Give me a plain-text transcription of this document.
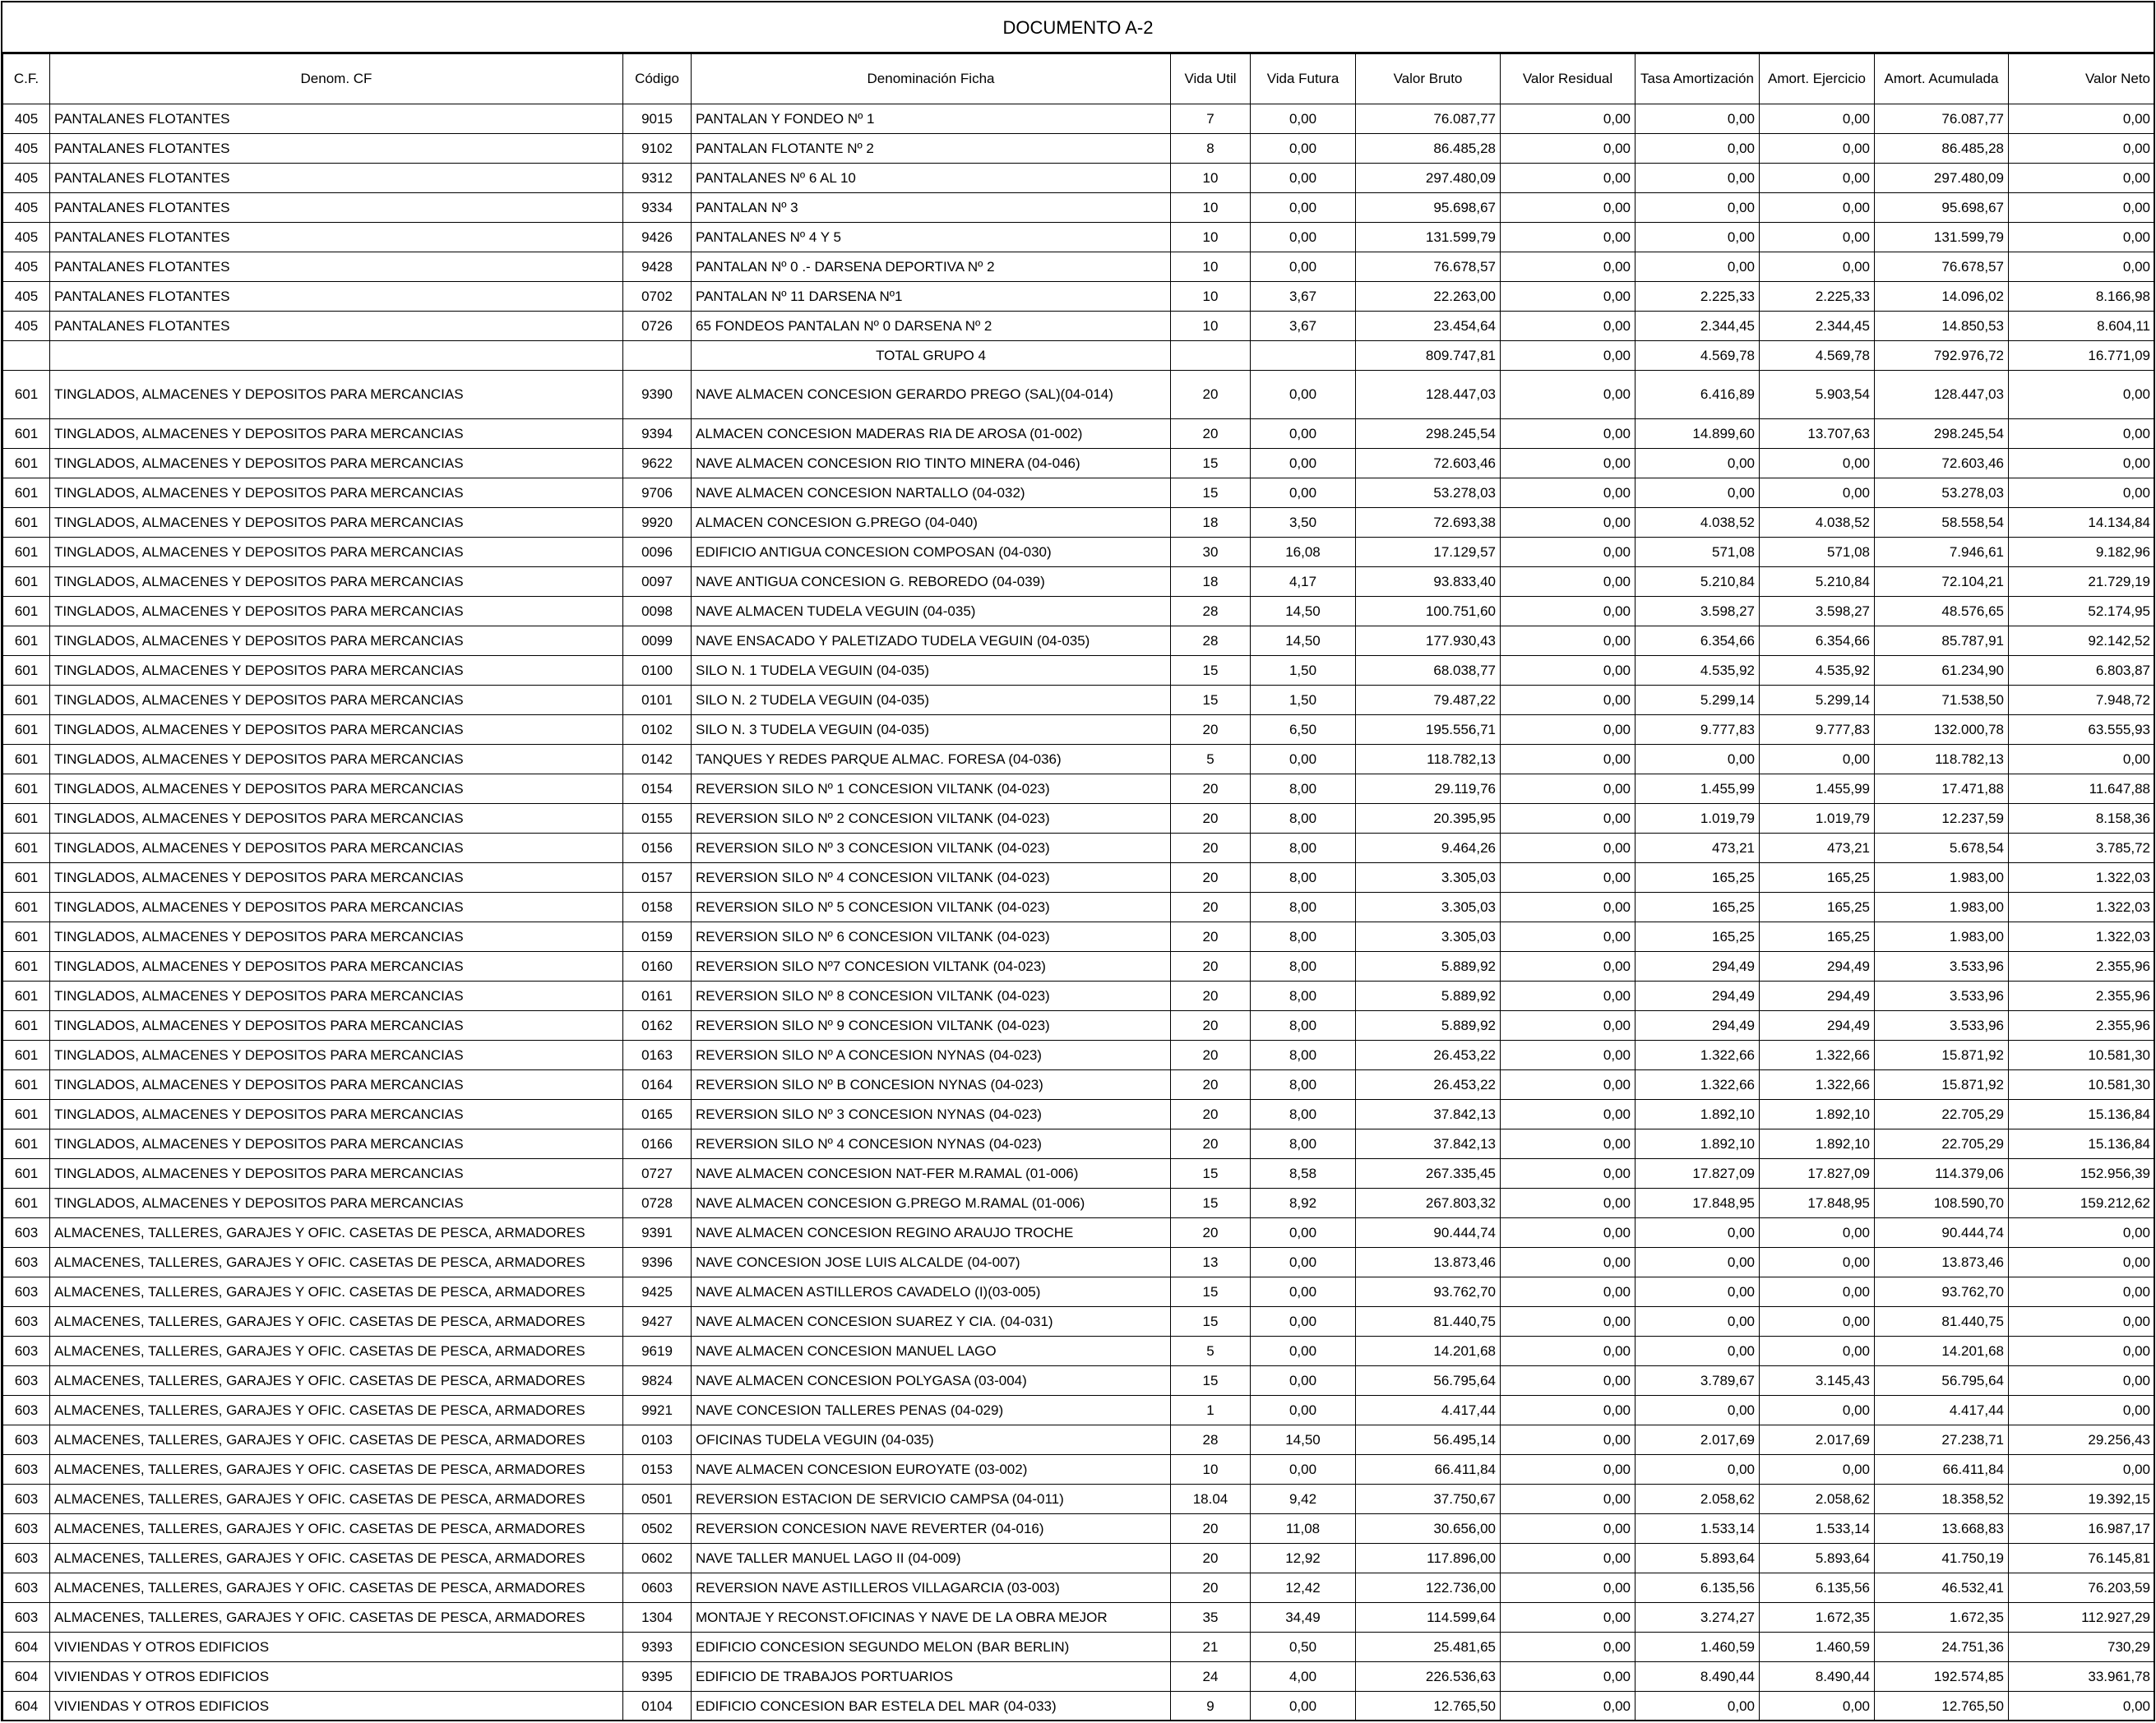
DOCUMENTO A-2
C.F.	Denom. CF	Código	Denominación Ficha	Vida Util	Vida Futura	Valor Bruto	Valor Residual	Tasa Amortización	Amort. Ejercicio	Amort. Acumulada	Valor Neto
405	PANTALANES FLOTANTES	9015	PANTALAN Y FONDEO Nº 1	7	0,00	76.087,77	0,00	0,00	0,00	76.087,77	0,00
405	PANTALANES FLOTANTES	9102	PANTALAN FLOTANTE Nº 2	8	0,00	86.485,28	0,00	0,00	0,00	86.485,28	0,00
405	PANTALANES FLOTANTES	9312	PANTALANES Nº 6 AL 10	10	0,00	297.480,09	0,00	0,00	0,00	297.480,09	0,00
405	PANTALANES FLOTANTES	9334	PANTALAN Nº 3	10	0,00	95.698,67	0,00	0,00	0,00	95.698,67	0,00
405	PANTALANES FLOTANTES	9426	PANTALANES Nº 4 Y 5	10	0,00	131.599,79	0,00	0,00	0,00	131.599,79	0,00
405	PANTALANES FLOTANTES	9428	PANTALAN Nº 0 .- DARSENA DEPORTIVA Nº 2	10	0,00	76.678,57	0,00	0,00	0,00	76.678,57	0,00
405	PANTALANES FLOTANTES	0702	PANTALAN Nº 11 DARSENA Nº1	10	3,67	22.263,00	0,00	2.225,33	2.225,33	14.096,02	8.166,98
405	PANTALANES FLOTANTES	0726	65 FONDEOS PANTALAN Nº 0 DARSENA Nº 2	10	3,67	23.454,64	0,00	2.344,45	2.344,45	14.850,53	8.604,11
			TOTAL GRUPO 4			809.747,81	0,00	4.569,78	4.569,78	792.976,72	16.771,09
601	TINGLADOS, ALMACENES Y DEPOSITOS PARA MERCANCIAS	9390	NAVE ALMACEN CONCESION GERARDO PREGO (SAL)(04-014)	20	0,00	128.447,03	0,00	6.416,89	5.903,54	128.447,03	0,00
601	TINGLADOS, ALMACENES Y DEPOSITOS PARA MERCANCIAS	9394	ALMACEN CONCESION MADERAS RIA DE AROSA (01-002)	20	0,00	298.245,54	0,00	14.899,60	13.707,63	298.245,54	0,00
601	TINGLADOS, ALMACENES Y DEPOSITOS PARA MERCANCIAS	9622	NAVE ALMACEN CONCESION RIO TINTO MINERA (04-046)	15	0,00	72.603,46	0,00	0,00	0,00	72.603,46	0,00
601	TINGLADOS, ALMACENES Y DEPOSITOS PARA MERCANCIAS	9706	NAVE ALMACEN CONCESION NARTALLO (04-032)	15	0,00	53.278,03	0,00	0,00	0,00	53.278,03	0,00
601	TINGLADOS, ALMACENES Y DEPOSITOS PARA MERCANCIAS	9920	ALMACEN CONCESION G.PREGO (04-040)	18	3,50	72.693,38	0,00	4.038,52	4.038,52	58.558,54	14.134,84
601	TINGLADOS, ALMACENES Y DEPOSITOS PARA MERCANCIAS	0096	EDIFICIO ANTIGUA CONCESION COMPOSAN (04-030)	30	16,08	17.129,57	0,00	571,08	571,08	7.946,61	9.182,96
601	TINGLADOS, ALMACENES Y DEPOSITOS PARA MERCANCIAS	0097	NAVE ANTIGUA CONCESION G. REBOREDO (04-039)	18	4,17	93.833,40	0,00	5.210,84	5.210,84	72.104,21	21.729,19
601	TINGLADOS, ALMACENES Y DEPOSITOS PARA MERCANCIAS	0098	NAVE ALMACEN TUDELA VEGUIN (04-035)	28	14,50	100.751,60	0,00	3.598,27	3.598,27	48.576,65	52.174,95
601	TINGLADOS, ALMACENES Y DEPOSITOS PARA MERCANCIAS	0099	NAVE ENSACADO Y PALETIZADO TUDELA VEGUIN (04-035)	28	14,50	177.930,43	0,00	6.354,66	6.354,66	85.787,91	92.142,52
601	TINGLADOS, ALMACENES Y DEPOSITOS PARA MERCANCIAS	0100	SILO N. 1 TUDELA VEGUIN (04-035)	15	1,50	68.038,77	0,00	4.535,92	4.535,92	61.234,90	6.803,87
601	TINGLADOS, ALMACENES Y DEPOSITOS PARA MERCANCIAS	0101	SILO N. 2 TUDELA VEGUIN (04-035)	15	1,50	79.487,22	0,00	5.299,14	5.299,14	71.538,50	7.948,72
601	TINGLADOS, ALMACENES Y DEPOSITOS PARA MERCANCIAS	0102	SILO N. 3 TUDELA VEGUIN (04-035)	20	6,50	195.556,71	0,00	9.777,83	9.777,83	132.000,78	63.555,93
601	TINGLADOS, ALMACENES Y DEPOSITOS PARA MERCANCIAS	0142	TANQUES Y REDES PARQUE ALMAC. FORESA (04-036)	5	0,00	118.782,13	0,00	0,00	0,00	118.782,13	0,00
601	TINGLADOS, ALMACENES Y DEPOSITOS PARA MERCANCIAS	0154	REVERSION SILO Nº 1 CONCESION VILTANK (04-023)	20	8,00	29.119,76	0,00	1.455,99	1.455,99	17.471,88	11.647,88
601	TINGLADOS, ALMACENES Y DEPOSITOS PARA MERCANCIAS	0155	REVERSION SILO Nº 2 CONCESION VILTANK (04-023)	20	8,00	20.395,95	0,00	1.019,79	1.019,79	12.237,59	8.158,36
601	TINGLADOS, ALMACENES Y DEPOSITOS PARA MERCANCIAS	0156	REVERSION SILO Nº 3 CONCESION VILTANK (04-023)	20	8,00	9.464,26	0,00	473,21	473,21	5.678,54	3.785,72
601	TINGLADOS, ALMACENES Y DEPOSITOS PARA MERCANCIAS	0157	REVERSION SILO Nº 4 CONCESION VILTANK (04-023)	20	8,00	3.305,03	0,00	165,25	165,25	1.983,00	1.322,03
601	TINGLADOS, ALMACENES Y DEPOSITOS PARA MERCANCIAS	0158	REVERSION SILO Nº 5 CONCESION VILTANK (04-023)	20	8,00	3.305,03	0,00	165,25	165,25	1.983,00	1.322,03
601	TINGLADOS, ALMACENES Y DEPOSITOS PARA MERCANCIAS	0159	REVERSION SILO Nº 6 CONCESION VILTANK (04-023)	20	8,00	3.305,03	0,00	165,25	165,25	1.983,00	1.322,03
601	TINGLADOS, ALMACENES Y DEPOSITOS PARA MERCANCIAS	0160	REVERSION SILO Nº7 CONCESION VILTANK (04-023)	20	8,00	5.889,92	0,00	294,49	294,49	3.533,96	2.355,96
601	TINGLADOS, ALMACENES Y DEPOSITOS PARA MERCANCIAS	0161	REVERSION SILO Nº 8 CONCESION VILTANK (04-023)	20	8,00	5.889,92	0,00	294,49	294,49	3.533,96	2.355,96
601	TINGLADOS, ALMACENES Y DEPOSITOS PARA MERCANCIAS	0162	REVERSION SILO Nº 9 CONCESION VILTANK (04-023)	20	8,00	5.889,92	0,00	294,49	294,49	3.533,96	2.355,96
601	TINGLADOS, ALMACENES Y DEPOSITOS PARA MERCANCIAS	0163	REVERSION SILO Nº A CONCESION NYNAS (04-023)	20	8,00	26.453,22	0,00	1.322,66	1.322,66	15.871,92	10.581,30
601	TINGLADOS, ALMACENES Y DEPOSITOS PARA MERCANCIAS	0164	REVERSION SILO Nº B CONCESION NYNAS (04-023)	20	8,00	26.453,22	0,00	1.322,66	1.322,66	15.871,92	10.581,30
601	TINGLADOS, ALMACENES Y DEPOSITOS PARA MERCANCIAS	0165	REVERSION SILO Nº 3 CONCESION NYNAS (04-023)	20	8,00	37.842,13	0,00	1.892,10	1.892,10	22.705,29	15.136,84
601	TINGLADOS, ALMACENES Y DEPOSITOS PARA MERCANCIAS	0166	REVERSION SILO Nº 4 CONCESION NYNAS (04-023)	20	8,00	37.842,13	0,00	1.892,10	1.892,10	22.705,29	15.136,84
601	TINGLADOS, ALMACENES Y DEPOSITOS PARA MERCANCIAS	0727	NAVE ALMACEN CONCESION NAT-FER M.RAMAL (01-006)	15	8,58	267.335,45	0,00	17.827,09	17.827,09	114.379,06	152.956,39
601	TINGLADOS, ALMACENES Y DEPOSITOS PARA MERCANCIAS	0728	NAVE ALMACEN CONCESION G.PREGO M.RAMAL (01-006)	15	8,92	267.803,32	0,00	17.848,95	17.848,95	108.590,70	159.212,62
603	ALMACENES, TALLERES, GARAJES Y OFIC. CASETAS DE PESCA, ARMADORES	9391	NAVE ALMACEN CONCESION REGINO ARAUJO TROCHE	20	0,00	90.444,74	0,00	0,00	0,00	90.444,74	0,00
603	ALMACENES, TALLERES, GARAJES Y OFIC. CASETAS DE PESCA, ARMADORES	9396	NAVE CONCESION JOSE LUIS ALCALDE (04-007)	13	0,00	13.873,46	0,00	0,00	0,00	13.873,46	0,00
603	ALMACENES, TALLERES, GARAJES Y OFIC. CASETAS DE PESCA, ARMADORES	9425	NAVE ALMACEN ASTILLEROS CAVADELO (I)(03-005)	15	0,00	93.762,70	0,00	0,00	0,00	93.762,70	0,00
603	ALMACENES, TALLERES, GARAJES Y OFIC. CASETAS DE PESCA, ARMADORES	9427	NAVE ALMACEN CONCESION SUAREZ Y CIA. (04-031)	15	0,00	81.440,75	0,00	0,00	0,00	81.440,75	0,00
603	ALMACENES, TALLERES, GARAJES Y OFIC. CASETAS DE PESCA, ARMADORES	9619	NAVE ALMACEN CONCESION MANUEL LAGO	5	0,00	14.201,68	0,00	0,00	0,00	14.201,68	0,00
603	ALMACENES, TALLERES, GARAJES Y OFIC. CASETAS DE PESCA, ARMADORES	9824	NAVE ALMACEN CONCESION POLYGASA (03-004)	15	0,00	56.795,64	0,00	3.789,67	3.145,43	56.795,64	0,00
603	ALMACENES, TALLERES, GARAJES Y OFIC. CASETAS DE PESCA, ARMADORES	9921	NAVE CONCESION TALLERES PENAS (04-029)	1	0,00	4.417,44	0,00	0,00	0,00	4.417,44	0,00
603	ALMACENES, TALLERES, GARAJES Y OFIC. CASETAS DE PESCA, ARMADORES	0103	OFICINAS TUDELA VEGUIN (04-035)	28	14,50	56.495,14	0,00	2.017,69	2.017,69	27.238,71	29.256,43
603	ALMACENES, TALLERES, GARAJES Y OFIC. CASETAS DE PESCA, ARMADORES	0153	NAVE ALMACEN CONCESION EUROYATE (03-002)	10	0,00	66.411,84	0,00	0,00	0,00	66.411,84	0,00
603	ALMACENES, TALLERES, GARAJES Y OFIC. CASETAS DE PESCA, ARMADORES	0501	REVERSION ESTACION DE SERVICIO CAMPSA (04-011)	18.04	9,42	37.750,67	0,00	2.058,62	2.058,62	18.358,52	19.392,15
603	ALMACENES, TALLERES, GARAJES Y OFIC. CASETAS DE PESCA, ARMADORES	0502	REVERSION CONCESION NAVE REVERTER (04-016)	20	11,08	30.656,00	0,00	1.533,14	1.533,14	13.668,83	16.987,17
603	ALMACENES, TALLERES, GARAJES Y OFIC. CASETAS DE PESCA, ARMADORES	0602	NAVE TALLER MANUEL LAGO II (04-009)	20	12,92	117.896,00	0,00	5.893,64	5.893,64	41.750,19	76.145,81
603	ALMACENES, TALLERES, GARAJES Y OFIC. CASETAS DE PESCA, ARMADORES	0603	REVERSION NAVE ASTILLEROS VILLAGARCIA (03-003)	20	12,42	122.736,00	0,00	6.135,56	6.135,56	46.532,41	76.203,59
603	ALMACENES, TALLERES, GARAJES Y OFIC. CASETAS DE PESCA, ARMADORES	1304	MONTAJE Y RECONST.OFICINAS Y NAVE DE LA OBRA MEJOR	35	34,49	114.599,64	0,00	3.274,27	1.672,35	1.672,35	112.927,29
604	VIVIENDAS Y OTROS EDIFICIOS	9393	EDIFICIO CONCESION SEGUNDO MELON (BAR BERLIN)	21	0,50	25.481,65	0,00	1.460,59	1.460,59	24.751,36	730,29
604	VIVIENDAS Y OTROS EDIFICIOS	9395	EDIFICIO DE TRABAJOS PORTUARIOS	24	4,00	226.536,63	0,00	8.490,44	8.490,44	192.574,85	33.961,78
604	VIVIENDAS Y OTROS EDIFICIOS	0104	EDIFICIO CONCESION BAR ESTELA DEL MAR (04-033)	9	0,00	12.765,50	0,00	0,00	0,00	12.765,50	0,00
